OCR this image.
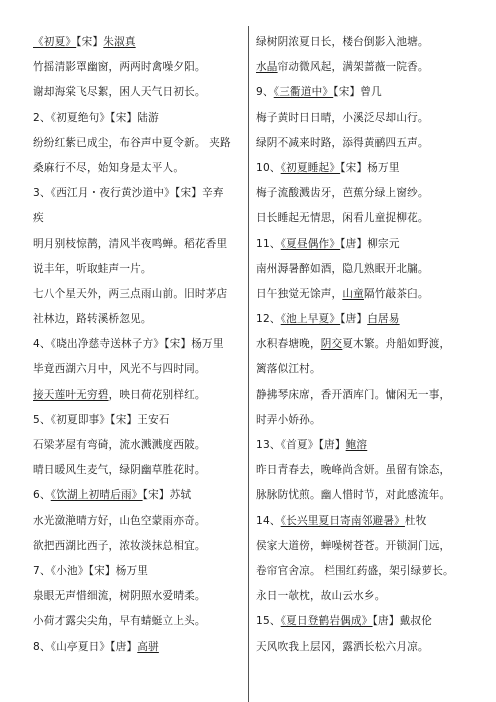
《初夏》【宋】朱淑真
竹摇清影罩幽窗，两两时禽噪夕阳。
谢却海棠飞尽絮，困人天气日初长。
2、《初夏绝句》【宋】陆游
纷纷红紫已成尘，布谷声中夏令新。 夹路
桑麻行不尽，始知身是太平人。
3、《西江月・夜行黄沙道中》【宋】辛弃
疾
明月别枝惊鹊，清风半夜鸣蝉。稻花香里
说丰年，听取蛙声一片。
七八个星天外，两三点雨山前。旧时茅店
社林边，路转溪桥忽见。
4、《晓出净慈寺送林子方》【宋】杨万里
毕竟西湖六月中，风光不与四时同。
接天莲叶无穷碧，映日荷花别样红。
5、《初夏即事》【宋】王安石
石梁茅屋有弯碕，流水溅溅度西陂。
晴日暖风生麦气，绿阴幽草胜花时。
6、《饮湖上初晴后雨》【宋】苏轼
水光潋滟晴方好，山色空蒙雨亦奇。
欲把西湖比西子，浓妆淡抹总相宜。
7、《小池》【宋】杨万里
泉眼无声惜细流，树阴照水爱晴柔。
小荷才露尖尖角，早有蜻蜓立上头。
8、《山亭夏日》【唐】高骈
绿树阴浓夏日长，楼台倒影入池塘。
水晶帘动微风起，满架蔷薇一院香。
9、《三衢道中》【宋】曾几
梅子黄时日日晴，小溪泛尽却山行。
绿阴不减来时路，添得黄鹂四五声。
10、《初夏睡起》【宋】杨万里
梅子流酸溅齿牙，芭蕉分绿上窗纱。
日长睡起无情思，闲看儿童捉柳花。
11、《夏昼偶作》【唐】柳宗元
南州溽暑醉如酒，隐几熟眠开北牖。
日午独觉无馀声，山童隔竹敲茶臼。
12、《池上早夏》【唐】白居易
水积春塘晚，阴交夏木繁。舟船如野渡，
篱落似江村。
静拂琴床席，香开酒库门。慵闲无一事，
时弄小娇孙。
13、《首夏》【唐】鲍溶
昨日青春去，晚峰尚含妍。虽留有馀态，
脉脉防忧煎。幽人惜时节，对此感流年。
14、《长兴里夏日寄南邻避暑》杜牧
侯家大道傍，蝉噪树苍苍。开锁洞门远，
卷帘官舍凉。 栏围红药盛，架引绿萝长。
永日一欹枕，故山云水乡。
15、《夏日登鹤岩偶成》【唐】戴叔伦
天风吹我上层冈，露洒长松六月凉。
